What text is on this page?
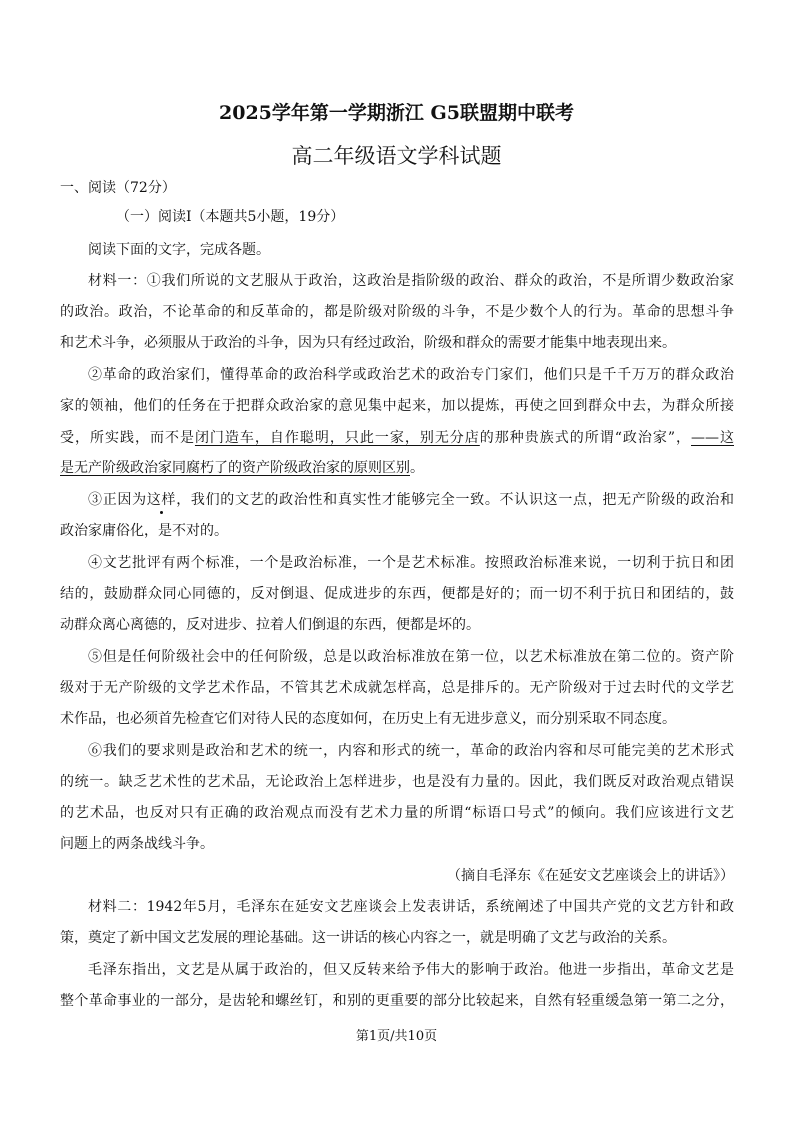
2025学年第一学期浙江 G5联盟期中联考
高二年级语文学科试题
一、阅读（72分）
（一）阅读Ⅰ（本题共5小题，19分）
阅读下面的文字，完成各题。
材料一：①我们所说的文艺服从于政治，这政治是指阶级的政治、群众的政治，不是所谓少数政治家
的政治。政治，不论革命的和反革命的，都是阶级对阶级的斗争，不是少数个人的行为。革命的思想斗争
和艺术斗争，必须服从于政治的斗争，因为只有经过政治，阶级和群众的需要才能集中地表现出来。
②革命的政治家们，懂得革命的政治科学或政治艺术的政治专门家们，他们只是千千万万的群众政治
家的领袖，他们的任务在于把群众政治家的意见集中起来，加以提炼，再使之回到群众中去，为群众所接
受，所实践，而不是闭门造车，自作聪明，只此一家，别无分店的那种贵族式的所谓“政治家”，——这
是无产阶级政治家同腐朽了的资产阶级政治家的原则区别。
③正因为这样，我们的文艺的政治性和真实性才能够完全一致。不认识这一点，把无产阶级的政治和
政治家庸俗化，是不对的。
④文艺批评有两个标准，一个是政治标准，一个是艺术标准。按照政治标准来说，一切利于抗日和团
结的，鼓励群众同心同德的，反对倒退、促成进步的东西，便都是好的；而一切不利于抗日和团结的，鼓
动群众离心离德的，反对进步、拉着人们倒退的东西，便都是坏的。
⑤但是任何阶级社会中的任何阶级，总是以政治标准放在第一位，以艺术标准放在第二位的。资产阶
级对于无产阶级的文学艺术作品，不管其艺术成就怎样高，总是排斥的。无产阶级对于过去时代的文学艺
术作品，也必须首先检查它们对待人民的态度如何，在历史上有无进步意义，而分别采取不同态度。
⑥我们的要求则是政治和艺术的统一，内容和形式的统一，革命的政治内容和尽可能完美的艺术形式
的统一。缺乏艺术性的艺术品，无论政治上怎样进步，也是没有力量的。因此，我们既反对政治观点错误
的艺术品，也反对只有正确的政治观点而没有艺术力量的所谓“标语口号式”的倾向。我们应该进行文艺
问题上的两条战线斗争。
（摘自毛泽东《在延安文艺座谈会上的讲话》）
材料二：1942年5月，毛泽东在延安文艺座谈会上发表讲话，系统阐述了中国共产党的文艺方针和政
策，奠定了新中国文艺发展的理论基础。这一讲话的核心内容之一，就是明确了文艺与政治的关系。
毛泽东指出，文艺是从属于政治的，但又反转来给予伟大的影响于政治。他进一步指出，革命文艺是
整个革命事业的一部分，是齿轮和螺丝钉，和别的更重要的部分比较起来，自然有轻重缓急第一第二之分，
第1页/共10页
